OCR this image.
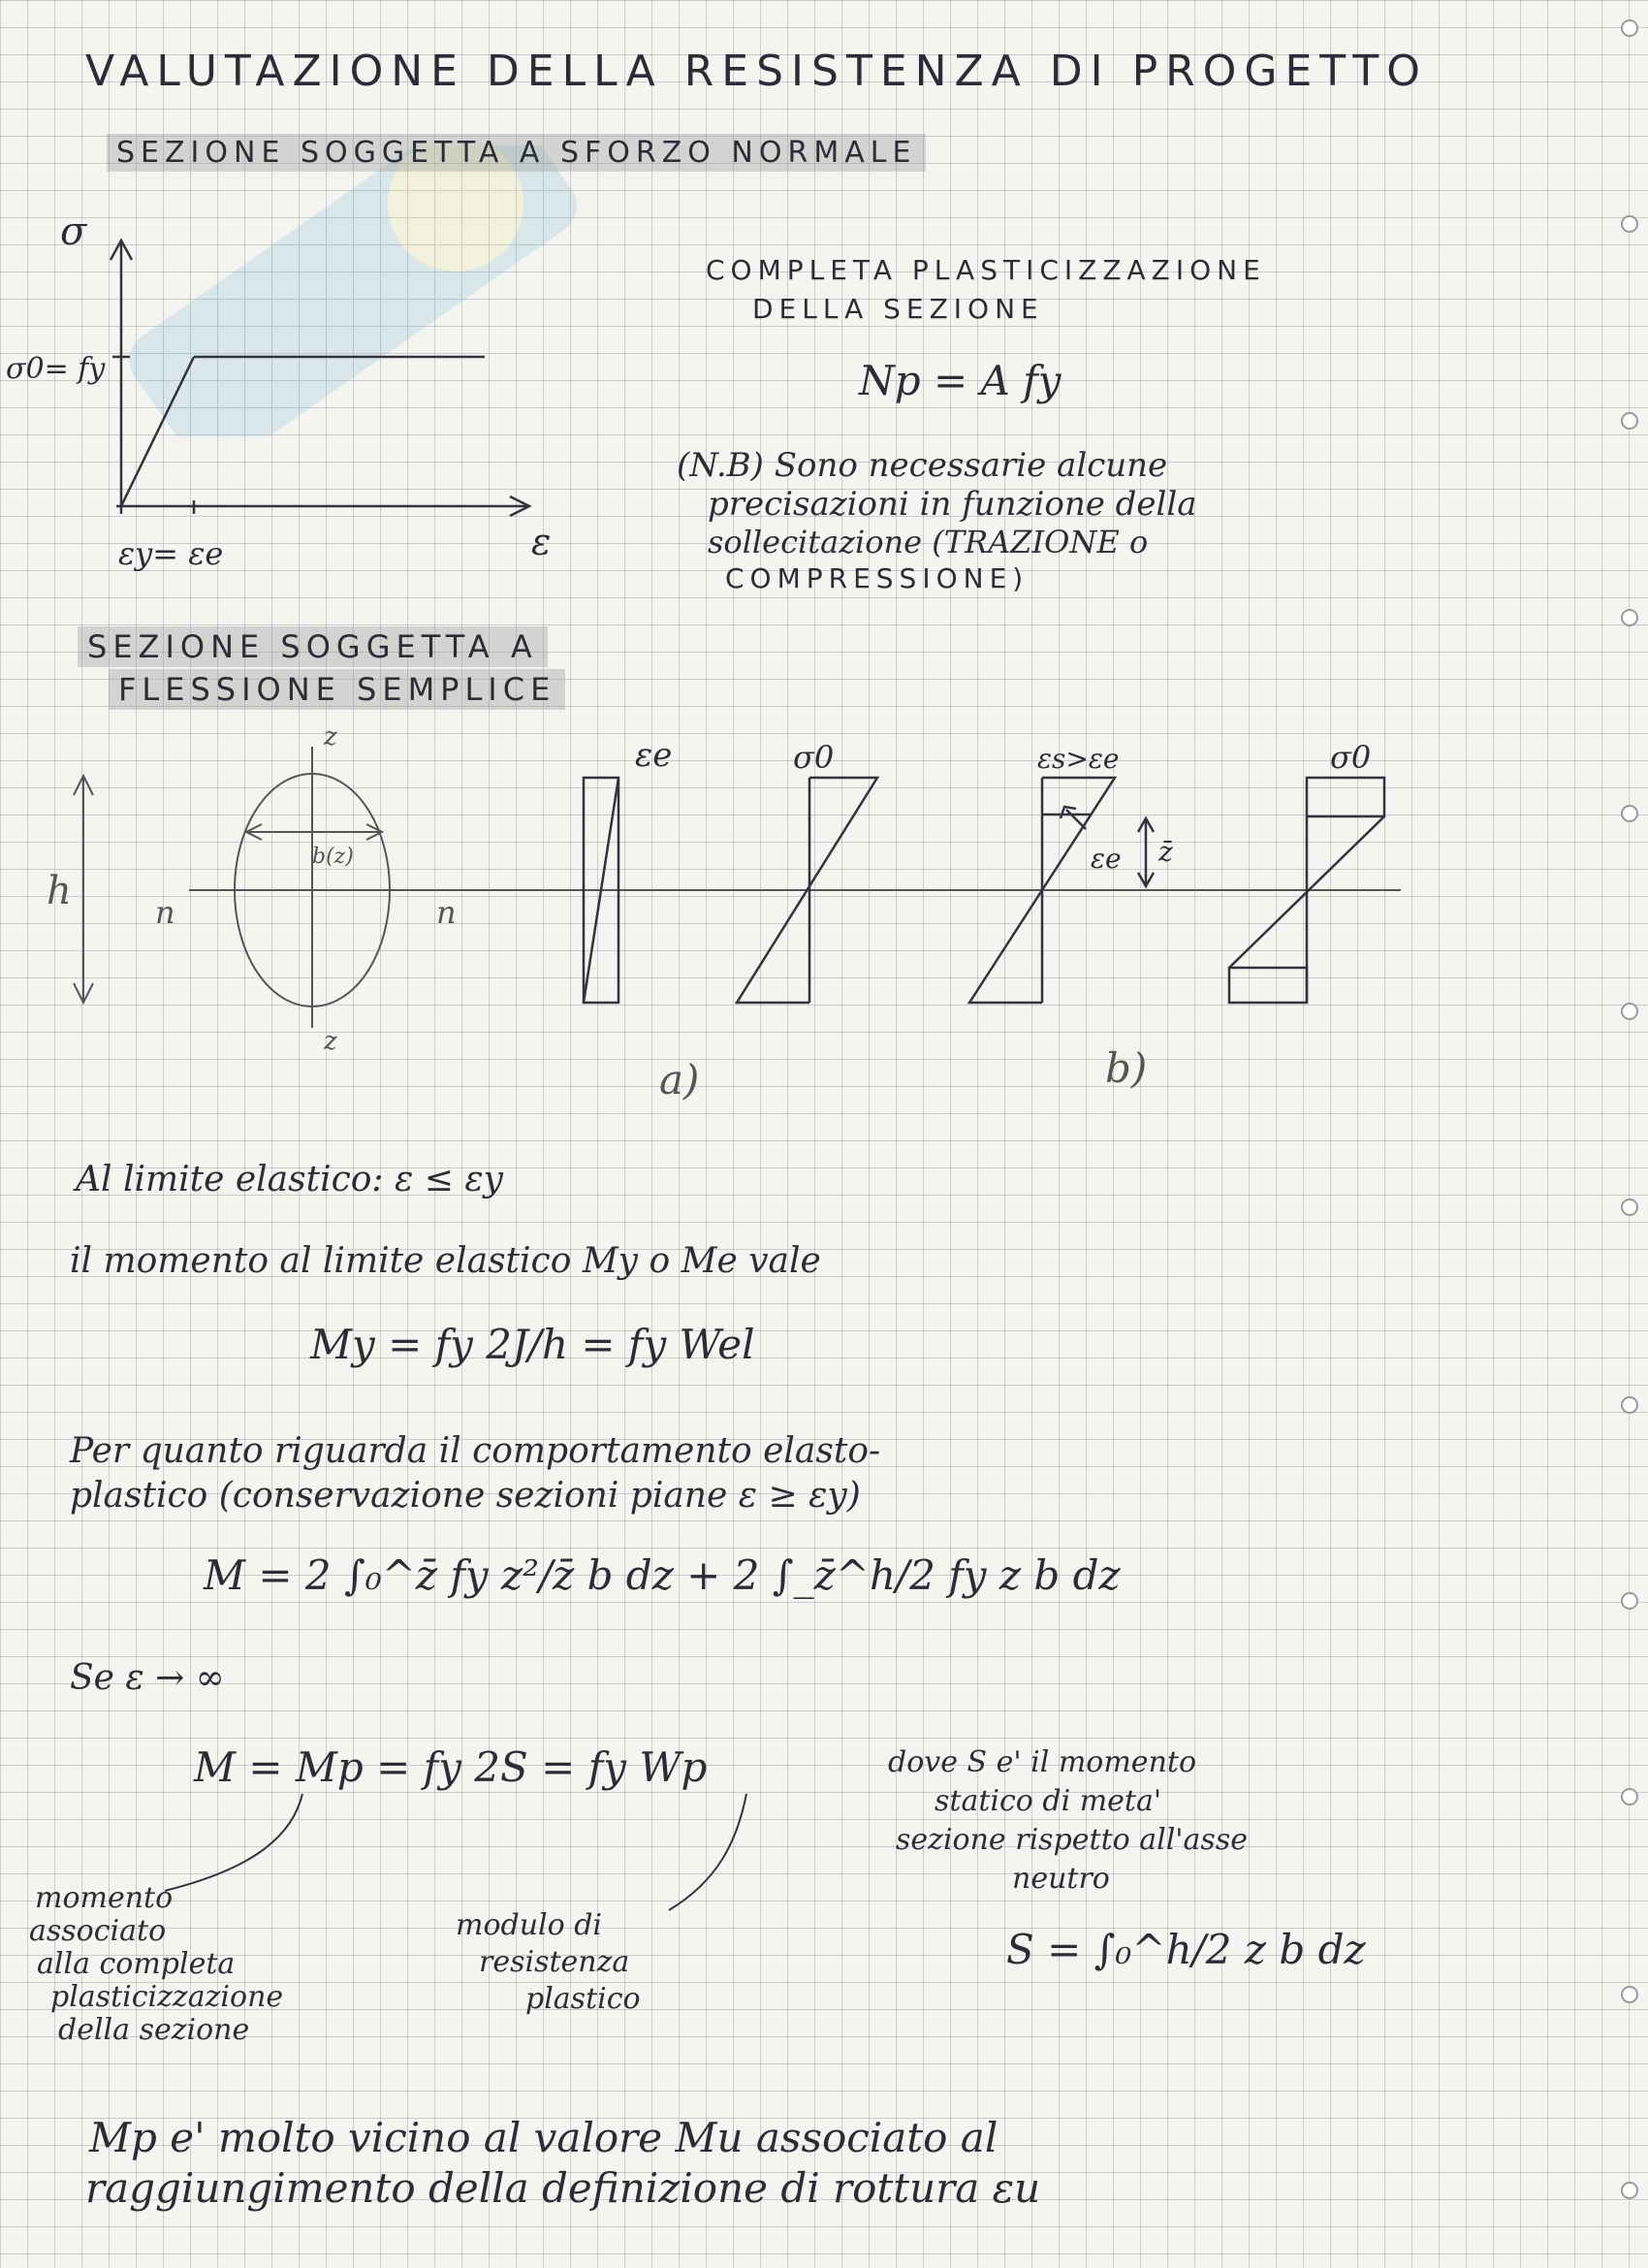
VALUTAZIONE DELLA RESISTENZA DI PROGETTO
SEZIONE SOGGETTA A SFORZO NORMALE
σ
σ0= fy
ε
εy= εe
COMPLETA PLASTICIZZAZIONE
DELLA SEZIONE
Np = A fy
(N.B) Sono necessarie alcune
precisazioni in funzione della
sollecitazione (TRAZIONE o
COMPRESSIONE)
SEZIONE SOGGETTA A
FLESSIONE SEMPLICE
z
z
h	n	n
b(z)
εe	σ0	εs>εe
εe z̄
σ0
a)	b)
Al limite elastico: ε ≤ εy
il momento al limite elastico My o Me vale
My = fy 2J/h = fy Wel
Per quanto riguarda il comportamento elasto-
plastico (conservazione sezioni piane ε ≥ εy)
M = 2 ∫₀^z̄ fy z²/z̄ b dz + 2 ∫_z̄^h/2 fy z b dz
Se ε → ∞
M = Mp = fy 2S = fy Wp	dove S e' il momento
statico di meta'
sezione rispetto all'asse
neutro
S = ∫₀^h/2 z b dz
momento
associato
alla completa
plasticizzazione
della sezione
modulo di
resistenza
plastico
Mp e' molto vicino al valore Mu associato al
raggiungimento della definizione di rottura εu
